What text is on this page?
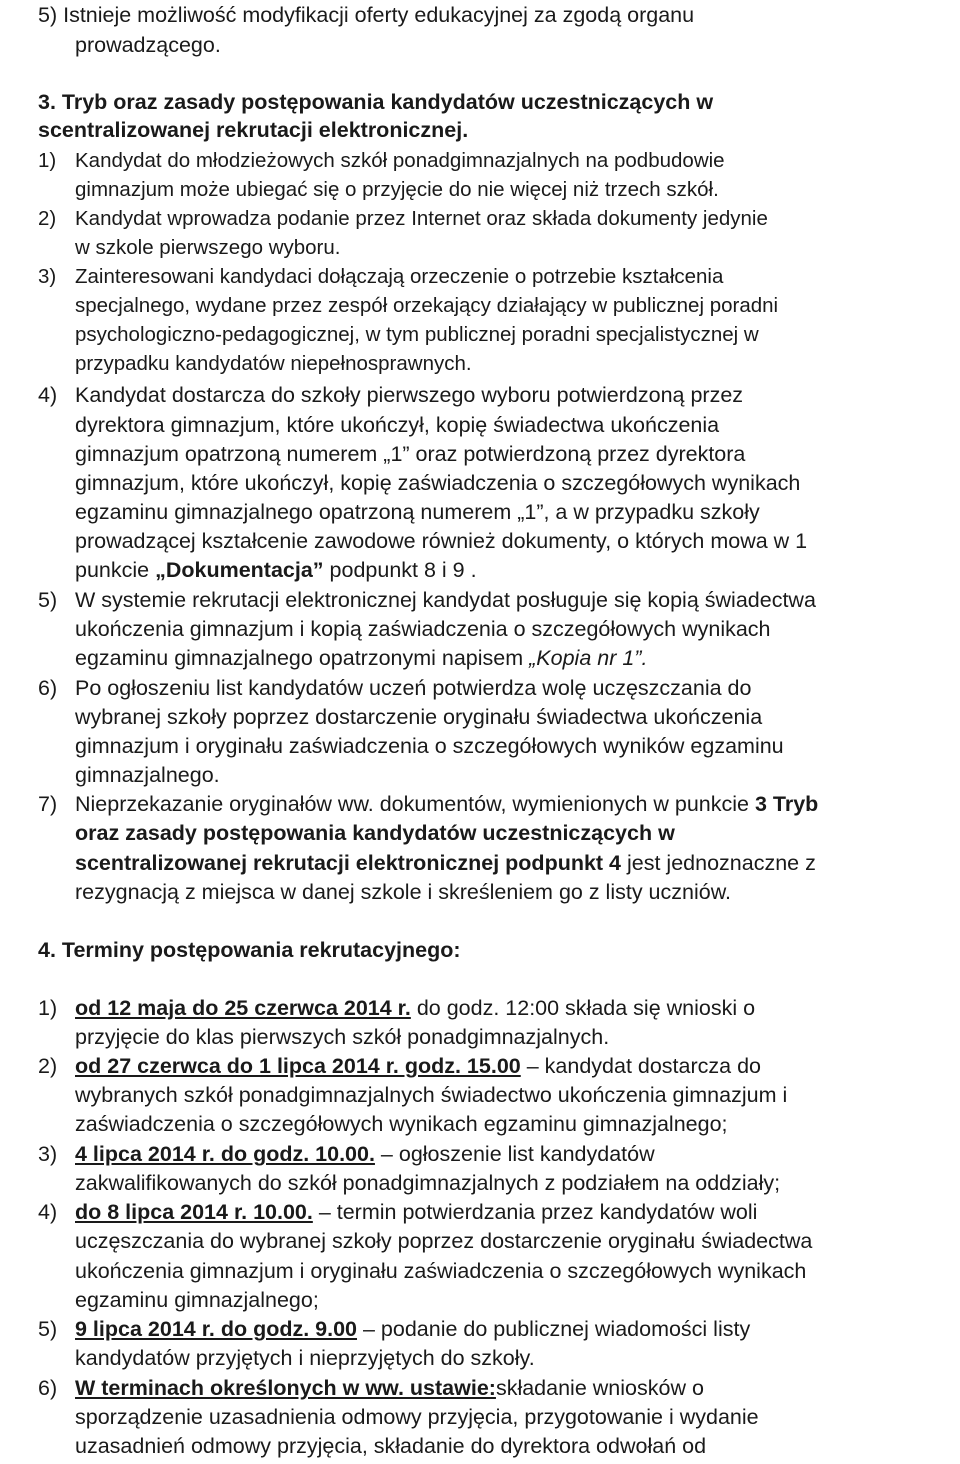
5) Istnieje możliwość modyfikacji oferty edukacyjnej za zgodą organu
prowadzącego.
3. Tryb oraz zasady postępowania kandydatów uczestniczących w
scentralizowanej rekrutacji elektronicznej.
1) Kandydat do młodzieżowych szkół ponadgimnazjalnych na podbudowie
gimnazjum może ubiegać się o przyjęcie do nie więcej niż trzech szkół.
2) Kandydat wprowadza podanie przez Internet oraz składa dokumenty jedynie
w szkole pierwszego wyboru.
3) Zainteresowani kandydaci dołączają orzeczenie o potrzebie kształcenia
specjalnego, wydane przez zespół orzekający działający w publicznej poradni
psychologiczno-pedagogicznej, w tym publicznej poradni specjalistycznej w
przypadku kandydatów niepełnosprawnych.
4) Kandydat dostarcza do szkoły pierwszego wyboru potwierdzoną przez
dyrektora gimnazjum, które ukończył, kopię świadectwa ukończenia
gimnazjum opatrzoną numerem „1” oraz potwierdzoną przez dyrektora
gimnazjum, które ukończył, kopię zaświadczenia o szczegółowych wynikach
egzaminu gimnazjalnego opatrzoną numerem „1”, a w przypadku szkoły
prowadzącej kształcenie zawodowe również dokumenty, o których mowa w 1
punkcie „Dokumentacja” podpunkt 8 i 9 .
5) W systemie rekrutacji elektronicznej kandydat posługuje się kopią świadectwa
ukończenia gimnazjum i kopią zaświadczenia o szczegółowych wynikach
egzaminu gimnazjalnego opatrzonymi napisem „Kopia nr 1”.
6) Po ogłoszeniu list kandydatów uczeń potwierdza wolę uczęszczania do
wybranej szkoły poprzez dostarczenie oryginału świadectwa ukończenia
gimnazjum i oryginału zaświadczenia o szczegółowych wyników egzaminu
gimnazjalnego.
7) Nieprzekazanie oryginałów ww. dokumentów, wymienionych w punkcie 3 Tryb
oraz zasady postępowania kandydatów uczestniczących w
scentralizowanej rekrutacji elektronicznej podpunkt 4 jest jednoznaczne z
rezygnacją z miejsca w danej szkole i skreśleniem go z listy uczniów.
4. Terminy postępowania rekrutacyjnego:
1) od 12 maja do 25 czerwca 2014 r. do godz. 12:00 składa się wnioski o
przyjęcie do klas pierwszych szkół ponadgimnazjalnych.
2) od 27 czerwca do 1 lipca 2014 r. godz. 15.00 – kandydat dostarcza do
wybranych szkół ponadgimnazjalnych świadectwo ukończenia gimnazjum i
zaświadczenia o szczegółowych wynikach egzaminu gimnazjalnego;
3) 4 lipca 2014 r. do godz. 10.00. – ogłoszenie list kandydatów
zakwalifikowanych do szkół ponadgimnazjalnych z podziałem na oddziały;
4) do 8 lipca 2014 r. 10.00. – termin potwierdzania przez kandydatów woli
uczęszczania do wybranej szkoły poprzez dostarczenie oryginału świadectwa
ukończenia gimnazjum i oryginału zaświadczenia o szczegółowych wynikach
egzaminu gimnazjalnego;
5) 9 lipca 2014 r. do godz. 9.00 – podanie do publicznej wiadomości listy
kandydatów przyjętych i nieprzyjętych do szkoły.
6) W terminach określonych w ww. ustawie:składanie wniosków o
sporządzenie uzasadnienia odmowy przyjęcia, przygotowanie i wydanie
uzasadnień odmowy przyjęcia, składanie do dyrektora odwołań od
